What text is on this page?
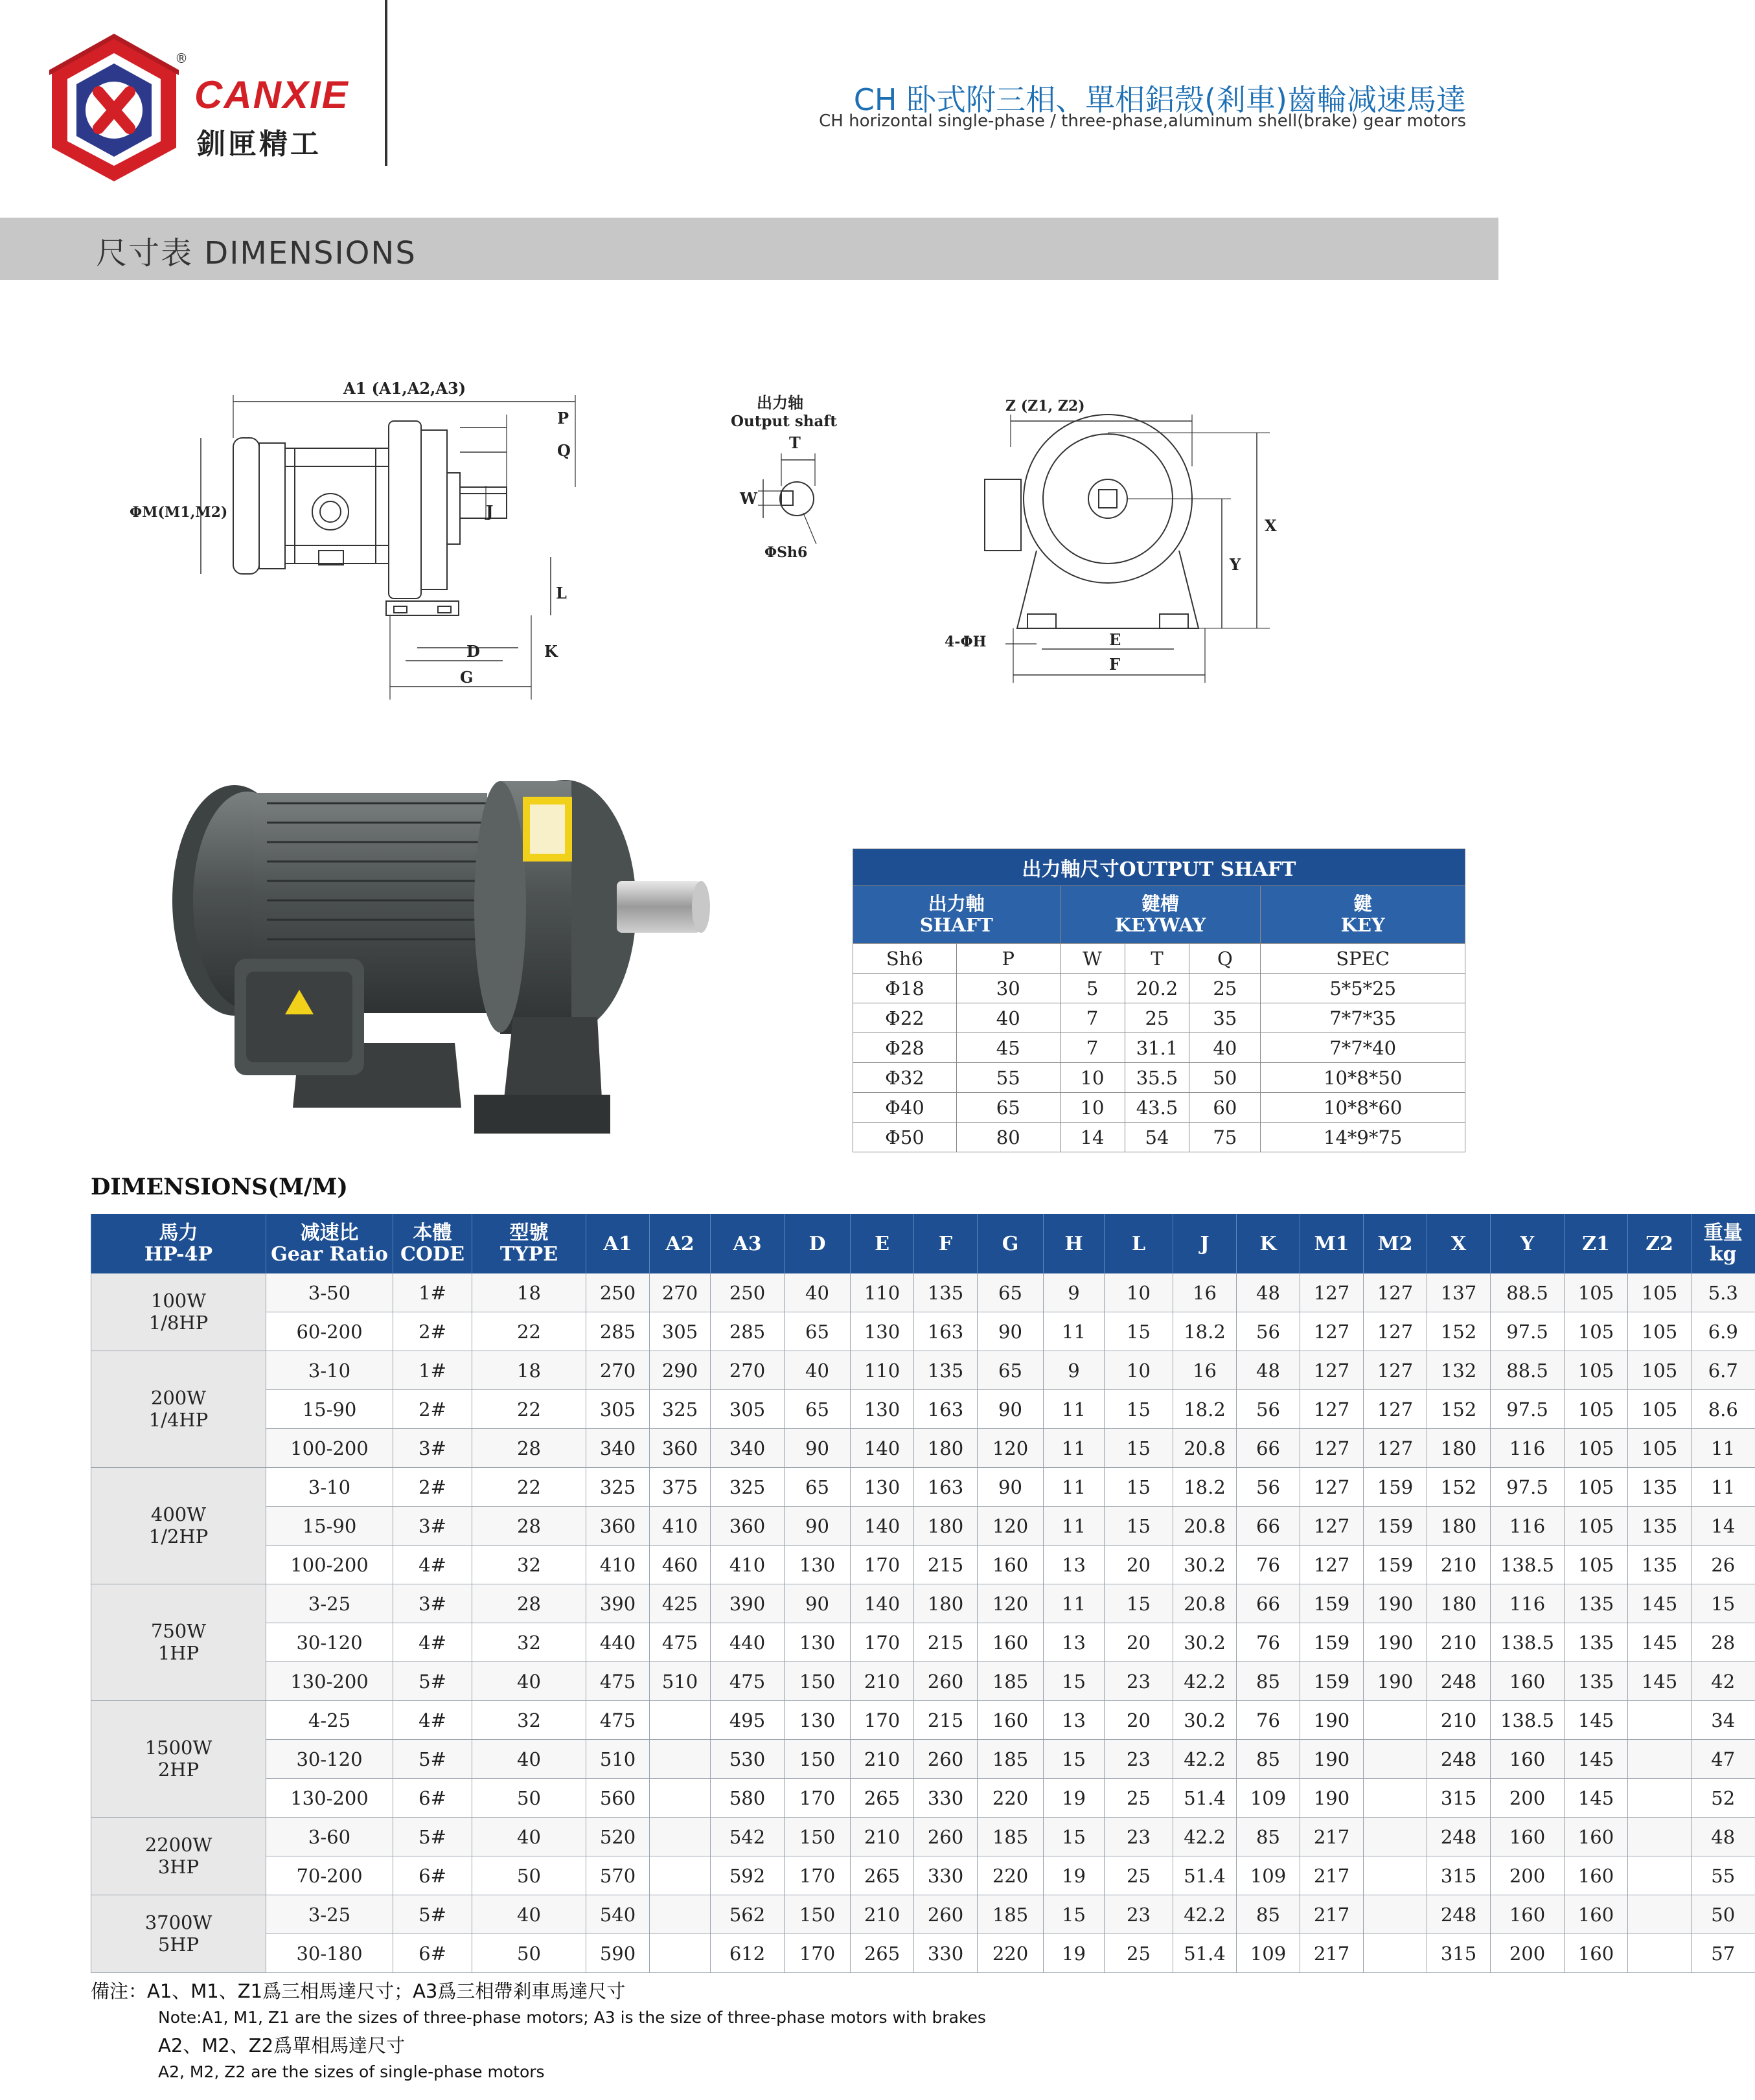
®
CANXIE
釧匣精工
CH 卧式附三相、單相鋁殼(剎車)齒輪减速馬達
CH horizontal single-phase / three-phase,aluminum shell(brake) gear motors
尺寸表 DIMENSIONS
A1 (A1,A2,A3)
P
Q
ΦM(M1,M2)	J
L
D	K
G
出力轴
Output shaft
T
W
ΦSh6
Z (Z1, Z2)
X
Y
E
F
4-ΦH
出力軸尺寸OUTPUT SHAFT					
出力軸
SHAFT		鍵槽
KEYWAY			鍵
KEY
Sh6	P	W	T	Q	SPEC
Φ18	30	5	20.2	25	5*5*25
Φ22	40	7	25	35	7*7*35
Φ28	45	7	31.1	40	7*7*40
Φ32	55	10	35.5	50	10*8*50
Φ40	65	10	43.5	60	10*8*60
Φ50	80	14	54	75	14*9*75
DIMENSIONS(M/M)
馬力
HP-4P	减速比
Gear Ratio	本體
CODE	型號
TYPE	A1	A2	A3	D	E	F	G	H	L	J	K	M1	M2	X	Y	Z1	Z2	重量
kg
100W
1/8HP	3-50	1#	18	250	270	250	40	110	135	65	9	10	16	48	127	127	137	88.5	105	105	5.3
	60-200	2#	22	285	305	285	65	130	163	90	11	15	18.2	56	127	127	152	97.5	105	105	6.9
200W
1/4HP	3-10	1#	18	270	290	270	40	110	135	65	9	10	16	48	127	127	132	88.5	105	105	6.7
	15-90	2#	22	305	325	305	65	130	163	90	11	15	18.2	56	127	127	152	97.5	105	105	8.6
	100-200	3#	28	340	360	340	90	140	180	120	11	15	20.8	66	127	127	180	116	105	105	11
400W
1/2HP	3-10	2#	22	325	375	325	65	130	163	90	11	15	18.2	56	127	159	152	97.5	105	135	11
	15-90	3#	28	360	410	360	90	140	180	120	11	15	20.8	66	127	159	180	116	105	135	14
	100-200	4#	32	410	460	410	130	170	215	160	13	20	30.2	76	127	159	210	138.5	105	135	26
750W
1HP	3-25	3#	28	390	425	390	90	140	180	120	11	15	20.8	66	159	190	180	116	135	145	15
	30-120	4#	32	440	475	440	130	170	215	160	13	20	30.2	76	159	190	210	138.5	135	145	28
	130-200	5#	40	475	510	475	150	210	260	185	15	23	42.2	85	159	190	248	160	135	145	42
1500W
2HP	4-25	4#	32	475		495	130	170	215	160	13	20	30.2	76	190		210	138.5	145		34
	30-120	5#	40	510		530	150	210	260	185	15	23	42.2	85	190		248	160	145		47
	130-200	6#	50	560		580	170	265	330	220	19	25	51.4	109	190		315	200	145		52
2200W
3HP	3-60	5#	40	520		542	150	210	260	185	15	23	42.2	85	217		248	160	160		48
	70-200	6#	50	570		592	170	265	330	220	19	25	51.4	109	217		315	200	160		55
3700W
5HP	3-25	5#	40	540		562	150	210	260	185	15	23	42.2	85	217		248	160	160		50
	30-180	6#	50	590		612	170	265	330	220	19	25	51.4	109	217		315	200	160		57
備注：A1、M1、Z1爲三相馬達尺寸；A3爲三相帶剎車馬達尺寸
Note:A1, M1, Z1 are the sizes of three-phase motors; A3 is the size of three-phase motors with brakes
A2、M2、Z2爲單相馬達尺寸
A2, M2, Z2 are the sizes of single-phase motors
